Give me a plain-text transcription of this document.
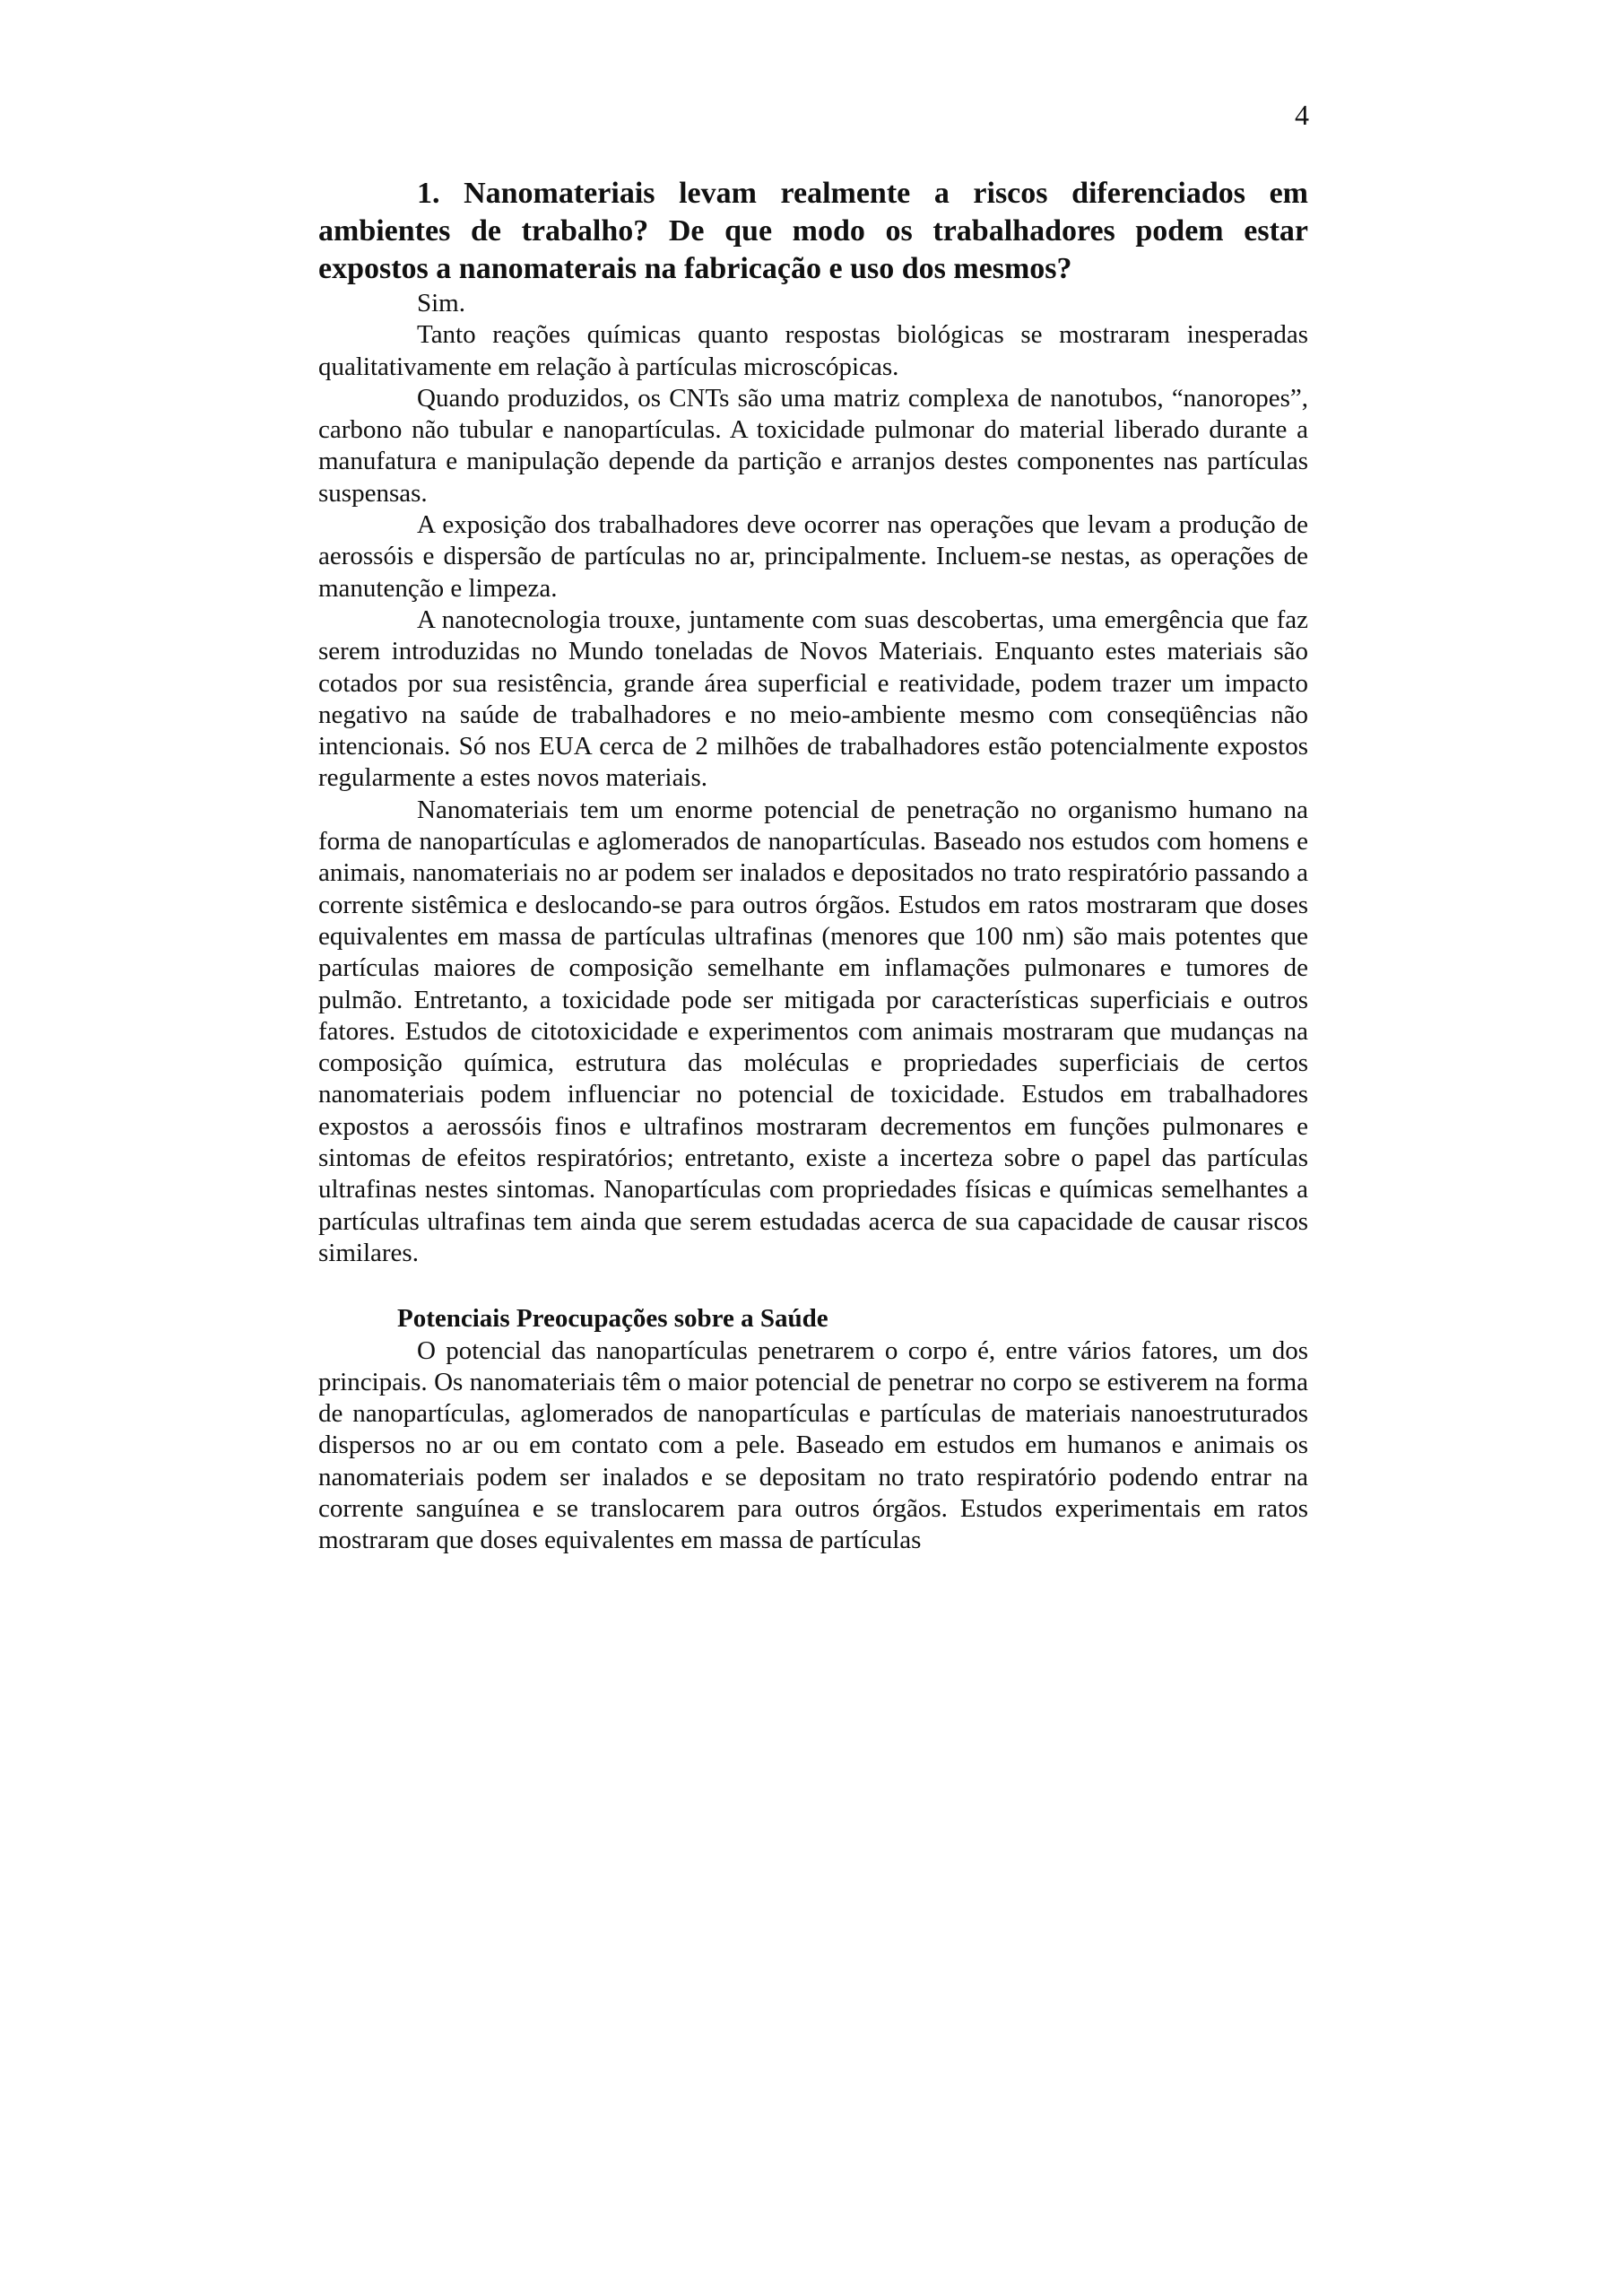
4

1. Nanomateriais levam realmente a riscos diferenciados em ambientes de trabalho? De que modo os trabalhadores podem estar expostos a nanomaterais na fabricação e uso dos mesmos?

Sim.

Tanto reações químicas quanto respostas biológicas se mostraram inesperadas qualitativamente em relação à partículas microscópicas.

Quando produzidos, os CNTs são uma matriz complexa de nanotubos, “nanoropes”, carbono não tubular e nanopartículas. A toxicidade pulmonar do material liberado durante a manufatura e manipulação depende da partição e arranjos destes componentes nas partículas suspensas.

A exposição dos trabalhadores deve ocorrer nas operações que levam a produção de aerossóis e dispersão de partículas no ar, principalmente. Incluem-se nestas, as operações de manutenção e limpeza.

A nanotecnologia trouxe, juntamente com suas descobertas, uma emergência que faz serem introduzidas no Mundo toneladas de Novos Materiais. Enquanto estes materiais são cotados por sua resistência, grande área superficial e reatividade, podem trazer um impacto negativo na saúde de trabalhadores e no meio-ambiente mesmo com conseqüências não intencionais. Só nos EUA cerca de 2 milhões de trabalhadores estão potencialmente expostos regularmente a estes novos materiais.

Nanomateriais tem um enorme potencial de penetração no organismo humano na forma de nanopartículas e aglomerados de nanopartículas. Baseado nos estudos com homens e animais, nanomateriais no ar podem ser inalados e depositados no trato respiratório passando a corrente sistêmica e deslocando-se para outros órgãos. Estudos em ratos mostraram que doses equivalentes em massa de partículas ultrafinas (menores que 100 nm) são mais potentes que partículas maiores de composição semelhante em inflamações pulmonares e tumores de pulmão. Entretanto, a toxicidade pode ser mitigada por características superficiais e outros fatores. Estudos de citotoxicidade e experimentos com animais mostraram que mudanças na composição química, estrutura das moléculas e propriedades superficiais de certos nanomateriais podem influenciar no potencial de toxicidade. Estudos em trabalhadores expostos a aerossóis finos e ultrafinos mostraram decrementos em funções pulmonares e sintomas de efeitos respiratórios; entretanto, existe a incerteza sobre o papel das partículas ultrafinas nestes sintomas. Nanopartículas com propriedades físicas e químicas semelhantes a partículas ultrafinas tem ainda que serem estudadas acerca de sua capacidade de causar riscos similares.

Potenciais Preocupações sobre a Saúde

O potencial das nanopartículas penetrarem o corpo é, entre vários fatores, um dos principais. Os nanomateriais têm o maior potencial de penetrar no corpo se estiverem na forma de nanopartículas, aglomerados de nanopartículas e partículas de materiais nanoestruturados dispersos no ar ou em contato com a pele. Baseado em estudos em humanos e animais os nanomateriais podem ser inalados e se depositam no trato respiratório podendo entrar na corrente sanguínea e se translocarem para outros órgãos. Estudos experimentais em ratos mostraram que doses equivalentes em massa de partículas
